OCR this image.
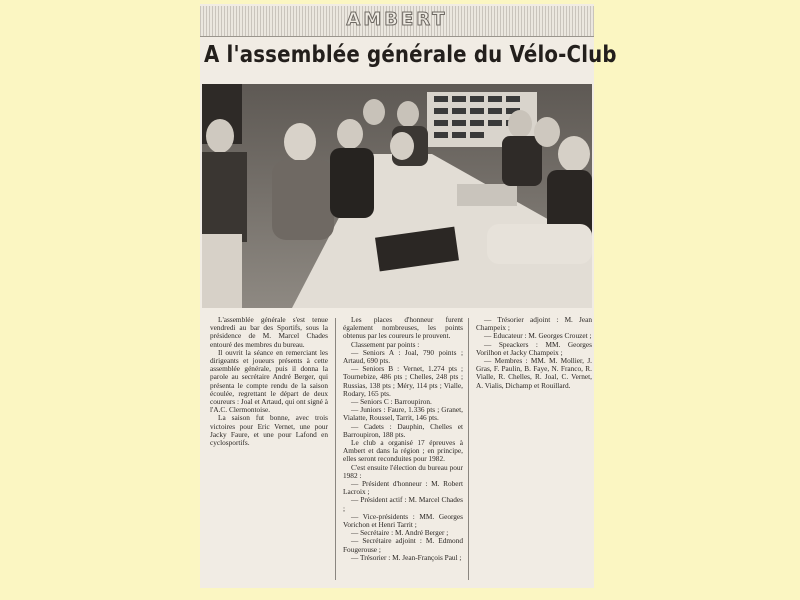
AMBERT
A l'assemblée générale du Vélo-Club

L'assemblée générale s'est tenue vendredi au bar des Sportifs, sous la présidence de M. Marcel Chades entouré des membres du bureau.

Il ouvrit la séance en remerciant les dirigeants et joueurs présents à cette assemblée générale, puis il donna la parole au secrétaire André Berger, qui présenta le compte rendu de la saison écoulée, regrettant le départ de deux coureurs : Joal et Artaud, qui ont signé à l'A.C. Clermontoise.

La saison fut bonne, avec trois victoires pour Eric Vernet, une pour Jacky Faure, et une pour Lafond en cyclosportifs.

Les places d'honneur furent également nombreuses, les points obtenus par les coureurs le prouvent.

Classement par points :

— Seniors A : Joal, 790 points ; Artaud, 690 pts.

— Seniors B : Vernet, 1.274 pts ; Tournebize, 486 pts ; Chelles, 248 pts ; Russias, 138 pts ; Méry, 114 pts ; Vialle, Rodary, 165 pts.

— Seniors C : Barroupiron.

— Juniors : Faure, 1.336 pts ; Granet, Vialatte, Roussel, Tarrit, 146 pts.

— Cadets : Dauphin, Chelles et Barroupiron, 188 pts.

Le club a organisé 17 épreuves à Ambert et dans la région ; en principe, elles seront reconduites pour 1982.

C'est ensuite l'élection du bureau pour 1982 :

— Président d'honneur : M. Robert Lacroix ;

— Président actif : M. Marcel Chades ;

— Vice-présidents : MM. Georges Vorichon et Henri Tarrit ;

— Secrétaire : M. André Berger ;

— Secrétaire adjoint : M. Edmond Fougerouse ;

— Trésorier : M. Jean-François Paul ;

— Trésorier adjoint : M. Jean Champeix ;

— Educateur : M. Georges Crouzet ;

— Speackers : MM. Georges Vorilhon et Jacky Champeix ;

— Membres : MM. M. Mollier, J. Gras, F. Paulin, B. Faye, N. Franco, R. Vialle, R. Chelles, R. Joal, C. Vernet, A. Vialis, Dichamp et Rouillard.
